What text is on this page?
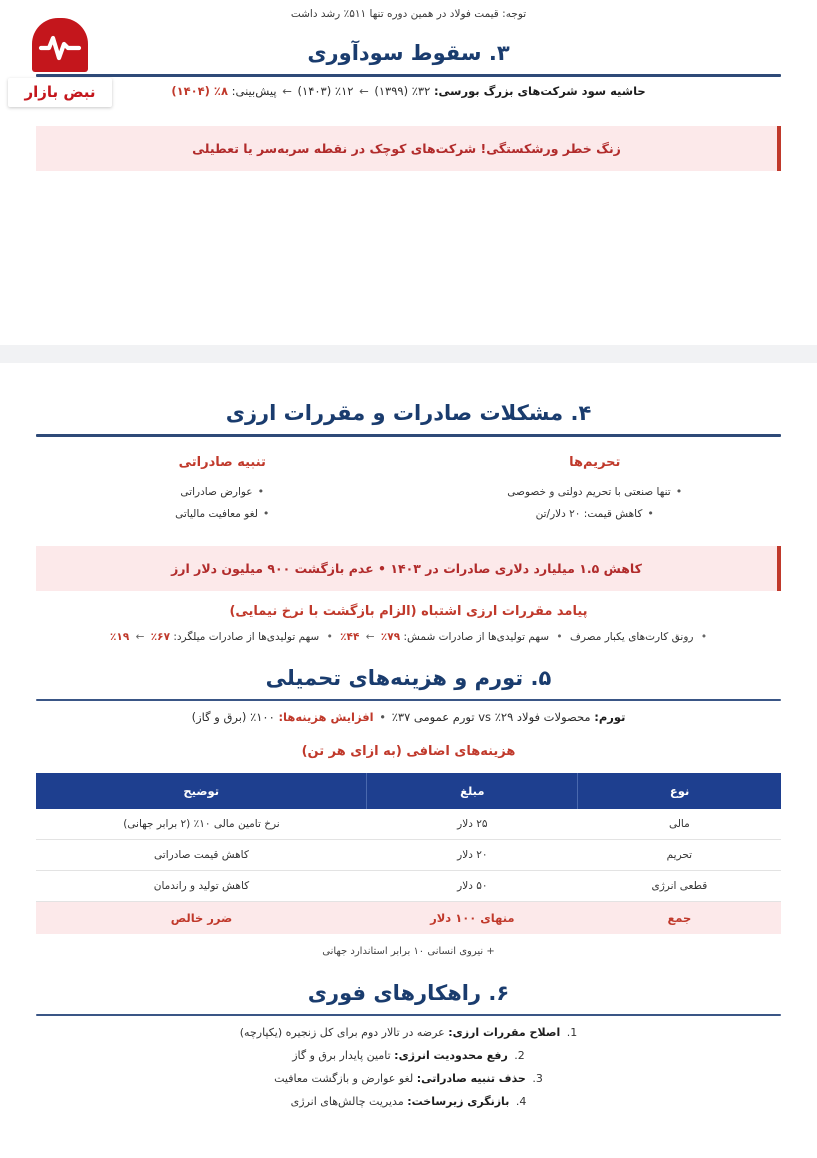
توجه: قیمت فولاد در همین دوره تنها ۵۱۱٪ رشد داشت
۳. سقوط سودآوری
حاشیه سود شرکت‌های بزرگ بورسی: ۳۲٪ (۱۳۹۹) ← ۱۲٪ (۱۴۰۳) ← پیش‌بینی: ۸٪ (۱۴۰۴)
زنگ خطر ورشکستگی! شرکت‌های کوچک در نقطه سربه‌سر یا تعطیلی
۴. مشکلات صادرات و مقررات ارزی
تحریم‌ها
• تنها صنعتی با تحریم دولتی و خصوصی
• کاهش قیمت: ۲۰ دلار/تن
تنبیه صادراتی
• عوارض صادراتی
• لغو معافیت مالیاتی
کاهش ۱.۵ میلیارد دلاری صادرات در ۱۴۰۳ • عدم بازگشت ۹۰۰ میلیون دلار ارز
پیامد مقررات ارزی اشتباه (الزام بازگشت با نرخ نیمایی)
• رونق کارت‌های یکبار مصرف • سهم تولیدی‌ها از صادرات شمش: ۷۹٪ ← ۴۴٪ • سهم تولیدی‌ها از صادرات میلگرد: ۶۷٪ ← ۱۹٪
۵. تورم و هزینه‌های تحمیلی
تورم: محصولات فولاد ۲۹٪ vs تورم عمومی ۳۷٪ • افزایش هزینه‌ها: ۱۰۰٪ (برق و گاز)
هزینه‌های اضافی (به ازای هر تن)
نوع	مبلغ	توضیح
مالی	۲۵ دلار	نرخ تامین مالی ۱۰٪ (۲ برابر جهانی)
تحریم	۲۰ دلار	کاهش قیمت صادراتی
قطعی انرژی	۵۰ دلار	کاهش تولید و راندمان
جمع	منهای ۱۰۰ دلار	ضرر خالص
+ نیروی انسانی ۱۰ برابر استاندارد جهانی
۶. راهکارهای فوری
1. اصلاح مقررات ارزی: عرضه در تالار دوم برای کل زنجیره (یکپارچه)
2. رفع محدودیت انرژی: تامین پایدار برق و گاز
3. حذف تنبیه صادراتی: لغو عوارض و بازگشت معافیت
4. بازنگری زیرساخت: مدیریت چالش‌های انرژی
نبض بازار
